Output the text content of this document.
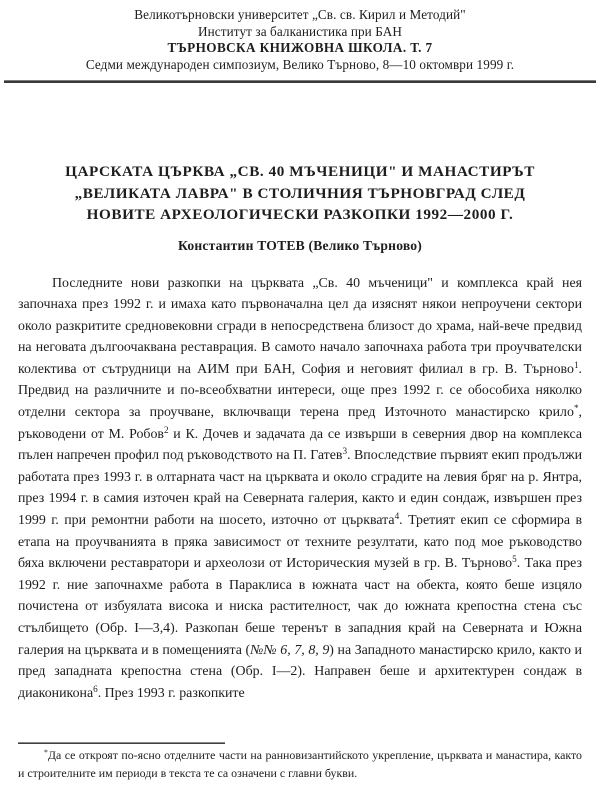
Великотърновски университет „Св. св. Кирил и Методий"
Институт за балканистика при БАН
ТЪРНОВСКА КНИЖОВНА ШКОЛА. Т. 7
Седми международен симпозиум, Велико Търново, 8—10 октомври 1999 г.
ЦАРСКАТА ЦЪРКВА „СВ. 40 МЪЧЕНИЦИ" И МАНАСТИРЪТ
„ВЕЛИКАТА ЛАВРА" В СТОЛИЧНИЯ ТЪРНОВГРАД СЛЕД
НОВИТЕ АРХЕОЛОГИЧЕСКИ РАЗКОПКИ 1992—2000 Г.
Константин ТОТЕВ (Велико Търново)

Последните нови разкопки на църквата „Св. 40 мъченици" и комплекса край нея започнаха през 1992 г. и имаха като първоначална цел да изяснят някои непроучени сектори около разкритите средновековни сгради в непосредствена близост до храма, най-вече предвид на неговата дългоочаквана реставрация. В самото начало започнаха работа три проучвателски колектива от сътрудници на АИМ при БАН, София и неговият филиал в гр. В. Търново$^1$. Предвид на различните и по-всеобхватни интереси, още през 1992 г. се обособиха няколко отделни сектора за проучване, включващи терена пред Източното манастирско крило*, ръководени от М. Робов$^2$ и К. Дочев и задачата да се извърши в северния двор на комплекса пълен напречен профил под ръководството на П. Гатев$^3$. Впоследствие първият екип продължи работата през 1993 г. в олтарната част на църквата и около сградите на левия бряг на р. Янтра, през 1994 г. в самия източен край на Северната галерия, както и един сондаж, извършен през 1999 г. при ремонтни работи на шосето, източно от църквата$^4$. Третият екип се сформира в етапа на проучванията в пряка зависимост от техните резултати, като под мое ръководство бяха включени реставратори и археолози от Историческия музей в гр. В. Търново$^5$. Така през 1992 г. ние започнахме работа в Параклиса в южната част на обекта, която беше изцяло почистена от избуялата висока и ниска растителност, чак до южната крепостна стена със стълбището (Обр. I—3,4). Разкопан беше теренът в западния край на Северната и Южна галерия на църквата и в помещенията (№№ 6, 7, 8, 9) на Западното манастирско крило, както и пред западната крепостна стена (Обр. I—2). Направен беше и архитектурен сондаж в диаконикона$^6$. През 1993 г. разкопките

*Да се откроят по-ясно отделните части на ранновизантийското укрепление, църквата и манастира, както и строителните им периоди в текста те са означени с главни букви.
